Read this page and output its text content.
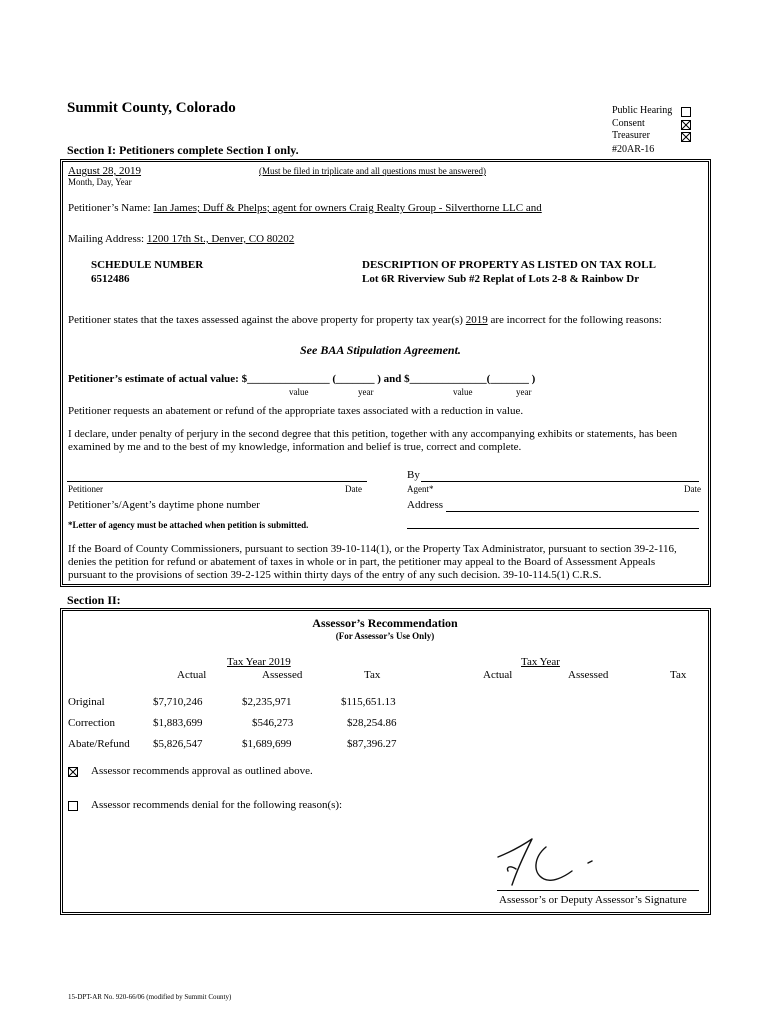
Summit County, Colorado	Public Hearing
Consent
Treasurer
Section I: Petitioners complete Section I only.	#20AR-16
August 28, 2019
Month, Day, Year
(Must be filed in triplicate and all questions must be answered)
Petitioner’s Name: Ian James; Duff & Phelps; agent for owners Craig Realty Group - Silverthorne LLC and
Mailing Address: 1200 17th St., Denver, CO 80202
SCHEDULE NUMBER
6512486
DESCRIPTION OF PROPERTY AS LISTED ON TAX ROLL
Lot 6R Riverview Sub #2 Replat of Lots 2-8 & Rainbow Dr
Petitioner states that the taxes assessed against the above property for property tax year(s) 2019 are incorrect for the following reasons:
See BAA Stipulation Agreement.
Petitioner’s estimate of actual value: $_______________ (_______ ) and $______________(_______ )
value	year	value	year
Petitioner requests an abatement or refund of the appropriate taxes associated with a reduction in value.
I declare, under penalty of perjury in the second degree that this petition, together with any accompanying exhibits or statements, has been
examined by me and to the best of my knowledge, information and belief is true, correct and complete.
By
Petitioner	Date	Agent*	Date
Petitioner’s/Agent’s daytime phone number	Address
*Letter of agency must be attached when petition is submitted.
If the Board of County Commissioners, pursuant to section 39-10-114(1), or the Property Tax Administrator, pursuant to section 39-2-116,
denies the petition for refund or abatement of taxes in whole or in part, the petitioner may appeal to the Board of Assessment Appeals
pursuant to the provisions of section 39-2-125 within thirty days of the entry of any such decision. 39-10-114.5(1) C.R.S.
Section II:
Assessor’s Recommendation
(For Assessor’s Use Only)
Tax Year 2019	Tax Year
Actual	Assessed	Tax	Actual	Assessed	Tax
Original	$7,710,246	$2,235,971	$115,651.13
Correction	$1,883,699	$546,273	$28,254.86
Abate/Refund $5,826,547	$1,689,699	$87,396.27
Assessor recommends approval as outlined above.
Assessor recommends denial for the following reason(s):
Assessor’s or Deputy Assessor’s Signature
15-DPT-AR No. 920-66/06 (modified by Summit County)
